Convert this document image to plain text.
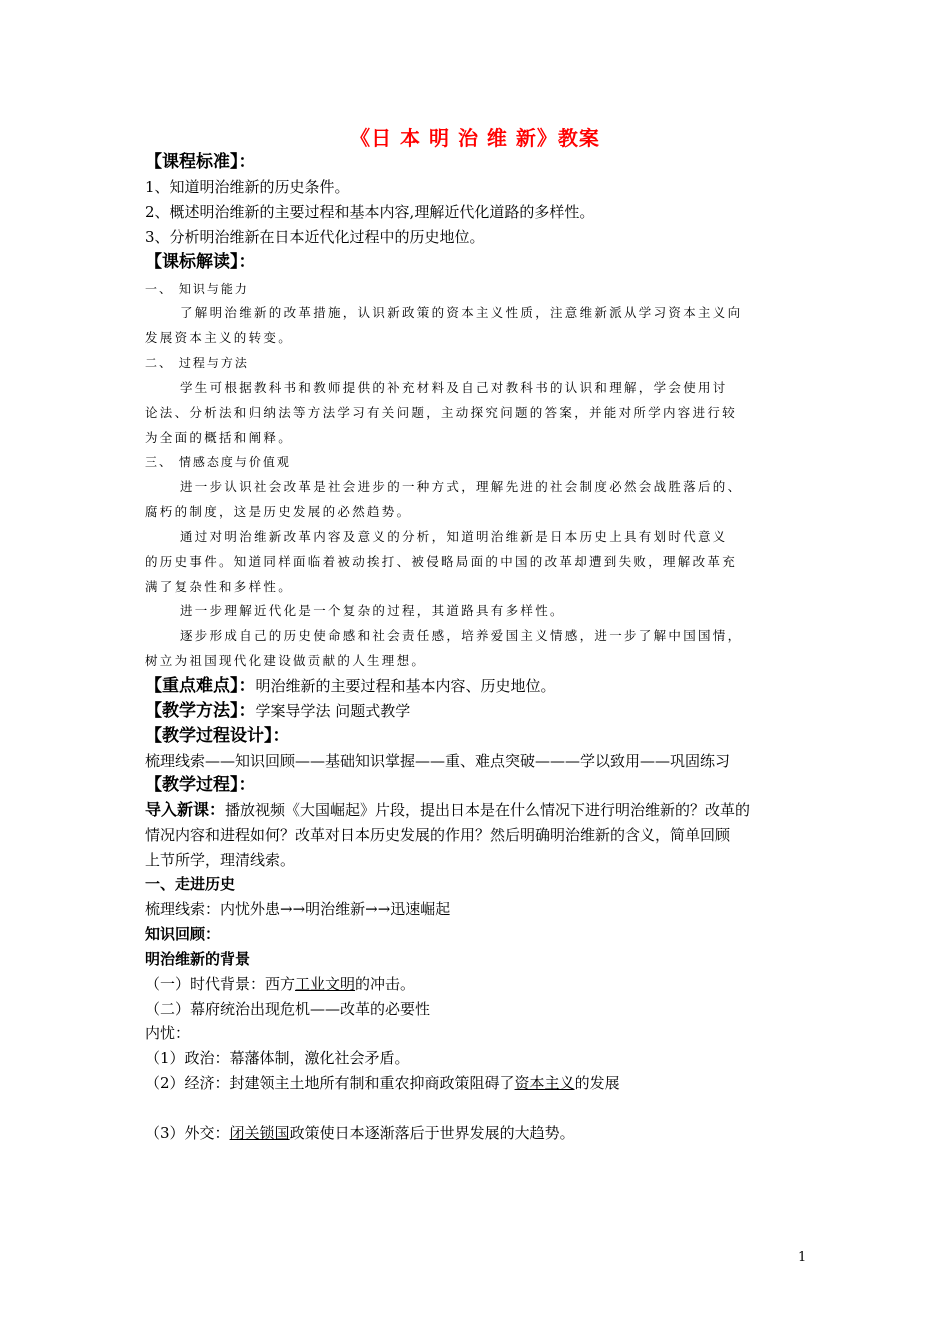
《日 本 明 治 维 新》教案
【课程标准】：
1、知道明治维新的历史条件。
2、概述明治维新的主要过程和基本内容,理解近代化道路的多样性。
3、分析明治维新在日本近代化过程中的历史地位。
【课标解读】：
一、 知识与能力
了解明治维新的改革措施，认识新政策的资本主义性质，注意维新派从学习资本主义向
发展资本主义的转变。
二、 过程与方法
学生可根据教科书和教师提供的补充材料及自己对教科书的认识和理解，学会使用讨
论法、分析法和归纳法等方法学习有关问题，主动探究问题的答案，并能对所学内容进行较
为全面的概括和阐释。
三、 情感态度与价值观
进一步认识社会改革是社会进步的一种方式，理解先进的社会制度必然会战胜落后的、
腐朽的制度，这是历史发展的必然趋势。
通过对明治维新改革内容及意义的分析，知道明治维新是日本历史上具有划时代意义
的历史事件。知道同样面临着被动挨打、被侵略局面的中国的改革却遭到失败，理解改革充
满了复杂性和多样性。
进一步理解近代化是一个复杂的过程，其道路具有多样性。
逐步形成自己的历史使命感和社会责任感，培养爱国主义情感，进一步了解中国国情，
树立为祖国现代化建设做贡献的人生理想。
【重点难点】：明治维新的主要过程和基本内容、历史地位。
【教学方法】：学案导学法 问题式教学
【教学过程设计】：
梳理线索——知识回顾——基础知识掌握——重、难点突破———学以致用——巩固练习
【教学过程】：
导入新课：播放视频《大国崛起》片段，提出日本是在什么情况下进行明治维新的？改革的
情况内容和进程如何？改革对日本历史发展的作用？然后明确明治维新的含义，简单回顾
上节所学，理清线索。
一、走进历史
梳理线索：内忧外患→→明治维新→→迅速崛起
知识回顾：
明治维新的背景
（一）时代背景：西方工业文明的冲击。
（二）幕府统治出现危机——改革的必要性
内忧：
（1）政治：幕藩体制，激化社会矛盾。
（2）经济：封建领主土地所有制和重农抑商政策阻碍了资本主义的发展
（3）外交：闭关锁国政策使日本逐渐落后于世界发展的大趋势。
1
